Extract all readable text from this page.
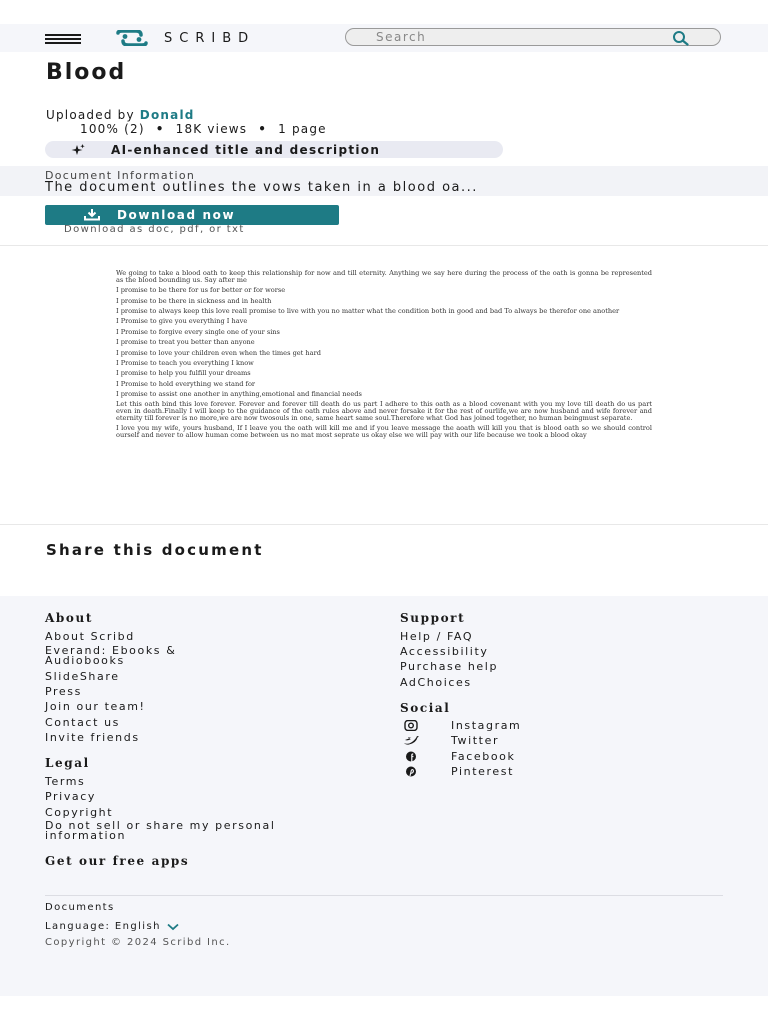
SCRIBD
Search
Blood
Uploaded by Donald
100% (2) • 18K views • 1 page
AI-enhanced title and description
Document Information
The document outlines the vows taken in a blood oa...
Download now
Download as doc, pdf, or txt

We going to take a blood oath to keep this relationship for now and till eternity. Anything we say here during the process of the oath is gonna be represented as the blood bounding us. Say after me

I promise to be there for us for better or for worse

I promise to be there in sickness and in health

I promise to always keep this love reall promise to live with you no matter what the condition both in good and bad To always be therefor one another

I Promise to give you everything I have

I Promise to forgive every single one of your sins

I promise to treat you better than anyone

I promise to love your children even when the times get hard

I Promise to teach you everything I know

I promise to help you fulfill your dreams

I Promise to hold everything we stand for

I promise to assist one another in anything,emotional and financial needs

Let this oath bind this love forever. Forever and forever till death do us part I adhere to this oath as a blood covenant with you my love till death do us part even in death.Finally I will keep to the guidance of the oath rules above and never forsake it for the rest of ourlife,we are now husband and wife forever and eternity till forever is no more,we are now twosouls in one, same heart same soul.Therefore what God has joined together, no human beingmust separate.

I love you my wife, yours husband, If I leave you the oath will kill me and if you leave message the aoath will kill you that is blood oath so we should control ourself and never to allow human come between us no mat most seprate us okay else we will pay with our life because we took a blood okay

Share this document
About
About Scribd
Everand: Ebooks & Audiobooks
SlideShare
Press
Join our team!
Contact us
Invite friends
Legal
Terms
Privacy
Copyright
Do not sell or share my personal information
Get our free apps
Support
Help / FAQ
Accessibility
Purchase help
AdChoices
Social
Instagram
Twitter
Facebook
Pinterest
Documents
Language: English
Copyright © 2024 Scribd Inc.
